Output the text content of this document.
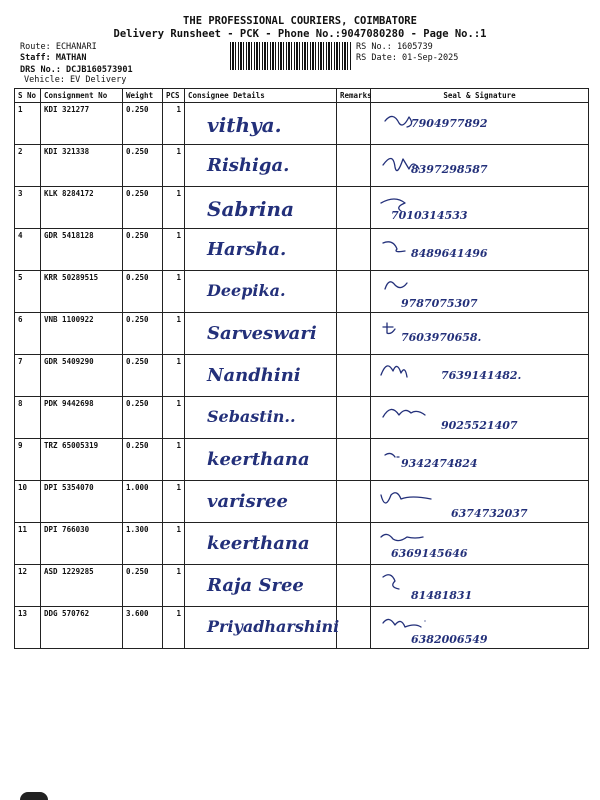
THE PROFESSIONAL COURIERS, COIMBATORE
Delivery Runsheet - PCK - Phone No.:9047080280 - Page No.:1
Route: ECHANARI
Staff: MATHAN
DRS No.: DCJB160573901
Vehicle: EV Delivery
RS No.: 1605739
RS Date: 01-Sep-2025
S No	Consignment No	Weight	PCS	Consignee Details	Remarks	Seal & Signature
1	KDI 321277	0.250	1	vithya.		7904977892

2	KDI 321338	0.250	1	Rishiga.		8397298587

3	KLK 8284172	0.250	1	Sabrina		7010314533

4	GDR 5418128	0.250	1	Harsha.		8489641496

5	KRR 50289515	0.250	1	Deepika.		9787075307

6	VNB 1100922	0.250	1	Sarveswari		7603970658.

7	GDR 5409290	0.250	1	Nandhini		7639141482.

8	PDK 9442698	0.250	1	Sebastin..		9025521407

9	TRZ 65005319	0.250	1	keerthana		9342474824

10	DPI 5354070	1.000	1	varisree		6374732037

11	DPI 766030	1.300	1	keerthana		6369145646

12	ASD 1229285	0.250	1	Raja Sree		81481831

13	DDG 570762	3.600	1	Priyadharshini		6382006549
